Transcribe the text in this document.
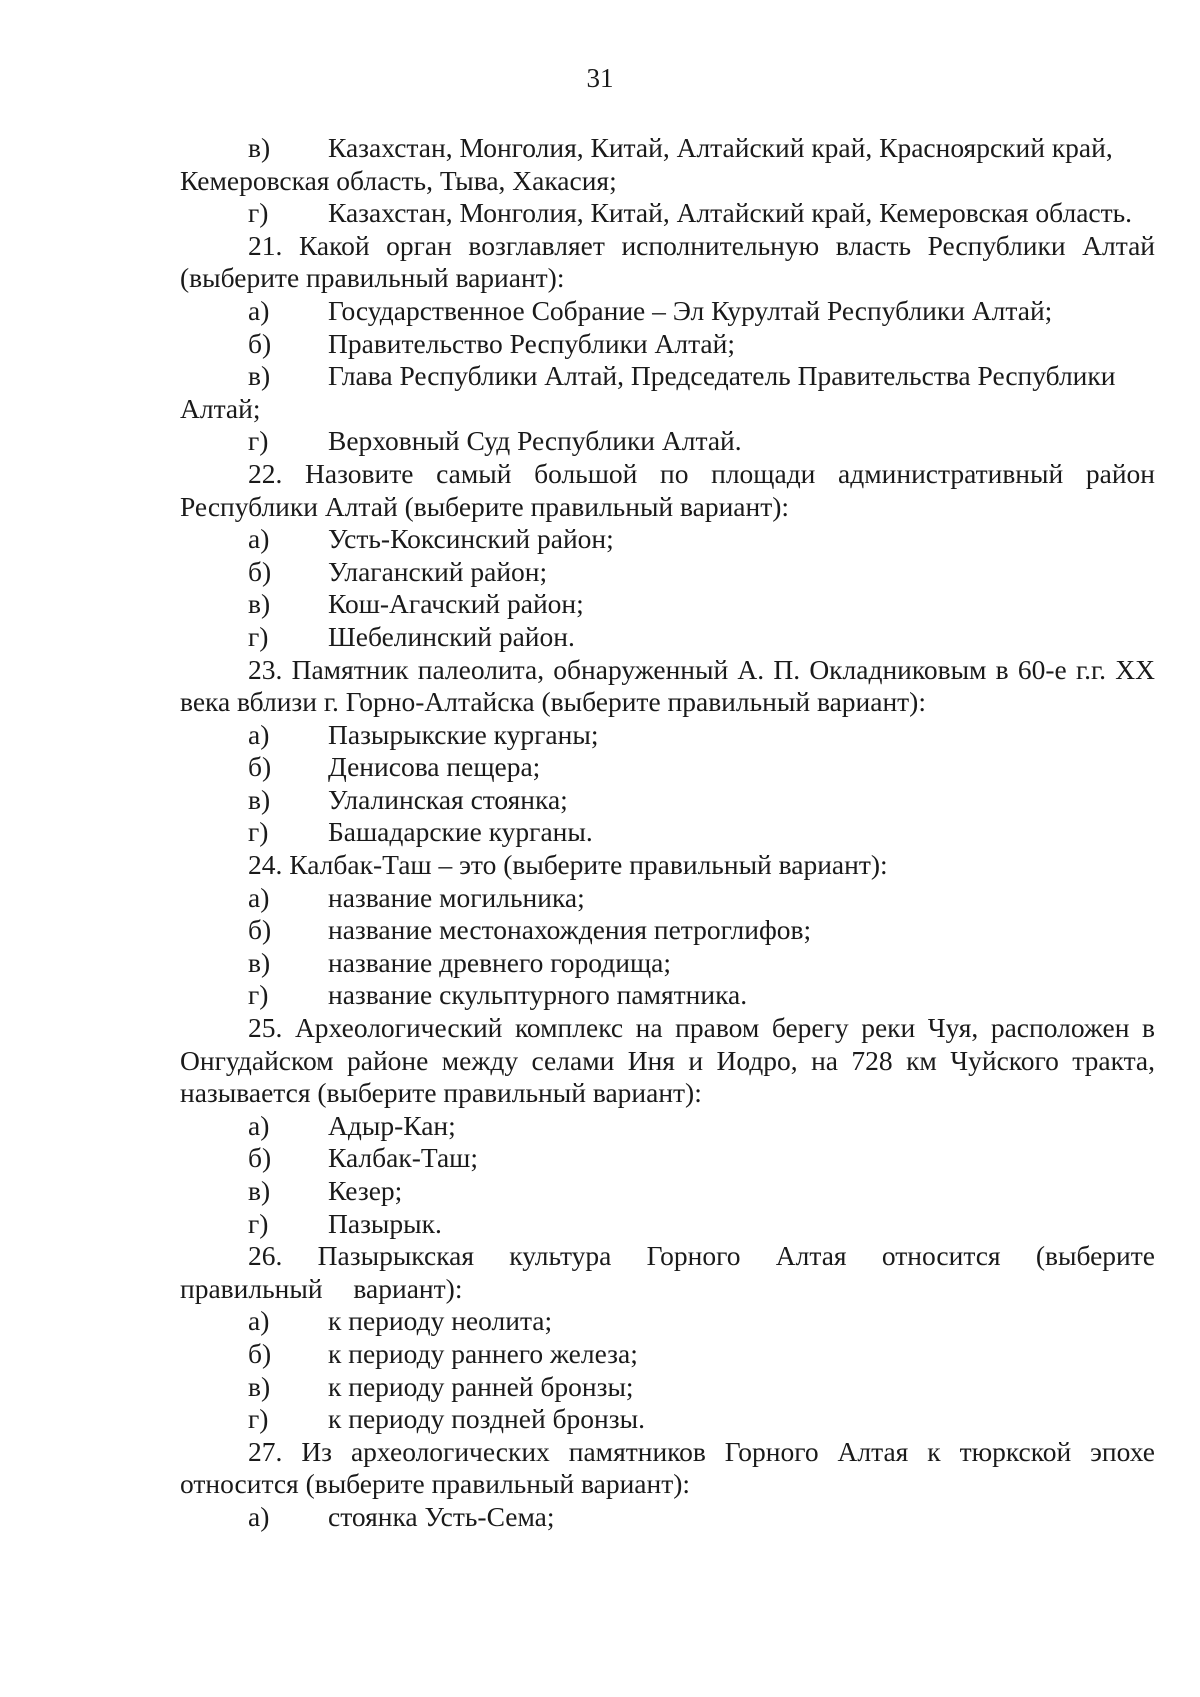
31
в)	Казахстан, Монголия, Китай, Алтайский край, Красноярский край,

Кемеровская область, Тыва, Хакасия;

г)	Казахстан, Монголия, Китай, Алтайский край, Кемеровская область.

21. Какой орган возглавляет исполнительную власть Республики Алтай (выберите правильный вариант):

а)	Государственное Собрание – Эл Курултай Республики Алтай;
б)	Правительство Республики Алтай;
в)	Глава Республики Алтай, Председатель Правительства Республики

Алтай;

г)	Верховный Суд Республики Алтай.

22. Назовите самый большой по площади административный район Республики Алтай (выберите правильный вариант):

а)	Усть-Коксинский район;
б)	Улаганский район;
в)	Кош-Агачский район;
г)	Шебелинский район.

23. Памятник палеолита, обнаруженный А. П. Окладниковым в 60-е г.г. XX века вблизи г. Горно-Алтайска (выберите правильный вариант):

а)	Пазырыкские курганы;
б)	Денисова пещера;
в)	Улалинская стоянка;
г)	Башадарские курганы.

24. Калбак-Таш – это (выберите правильный вариант):

а)	название могильника;
б)	название местонахождения петроглифов;
в)	название древнего городища;
г)	название скульптурного памятника.

25. Археологический комплекс на правом берегу реки Чуя, расположен в Онгудайском районе между селами Иня и Иодро, на 728 км Чуйского тракта, называется (выберите правильный вариант):

а)	Адыр-Кан;
б)	Калбак-Таш;
в)	Кезер;
г)	Пазырык.

26. Пазырыкская культура Горного Алтая относится (выберите правильный вариант):

а)	к периоду неолита;
б)	к периоду раннего железа;
в)	к периоду ранней бронзы;
г)	к периоду поздней бронзы.

27. Из археологических памятников Горного Алтая к тюркской эпохе относится (выберите правильный вариант):

а)	стоянка Усть-Сема;
